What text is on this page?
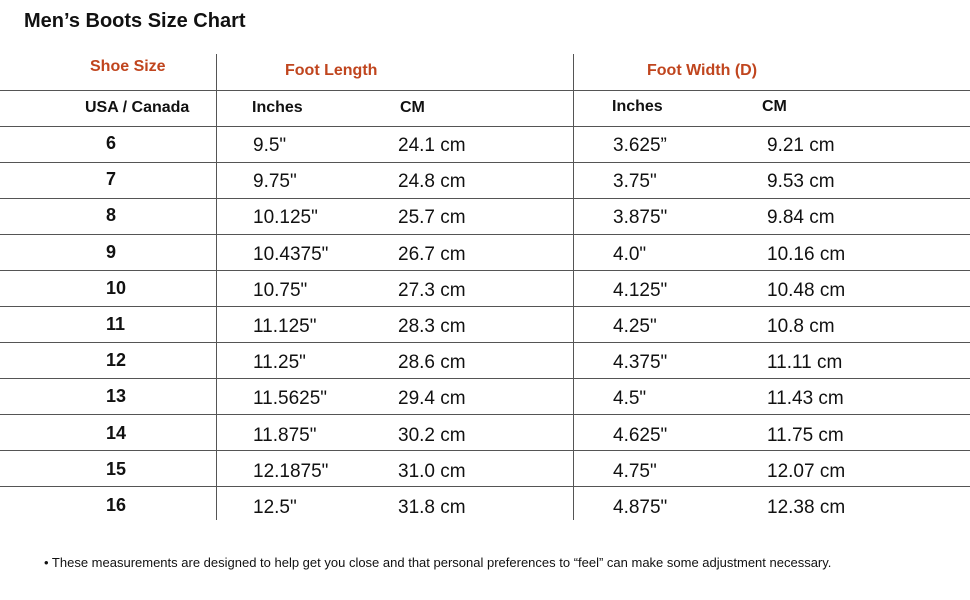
Men’s Boots Size Chart
Shoe Size	Foot Length	Foot Width (D)
USA / Canada	Inches	CM	Inches	CM
6	9.5"	24.1 cm	3.625”	9.21 cm
7	9.75"	24.8 cm	3.75"	9.53 cm
8	10.125"	25.7 cm	3.875"	9.84 cm
9	10.4375"	26.7 cm	4.0"	10.16 cm
10	10.75"	27.3 cm	4.125"	10.48 cm
11	11.125"	28.3 cm	4.25"	10.8 cm
12	11.25"	28.6 cm	4.375"	11.11 cm
13	11.5625"	29.4 cm	4.5"	11.43 cm
14	11.875"	30.2 cm	4.625"	11.75 cm
15	12.1875"	31.0 cm	4.75"	12.07 cm
16	12.5"	31.8 cm	4.875"	12.38 cm
• These measurements are designed to help get you close and that personal preferences to “feel” can make some adjustment necessary.
